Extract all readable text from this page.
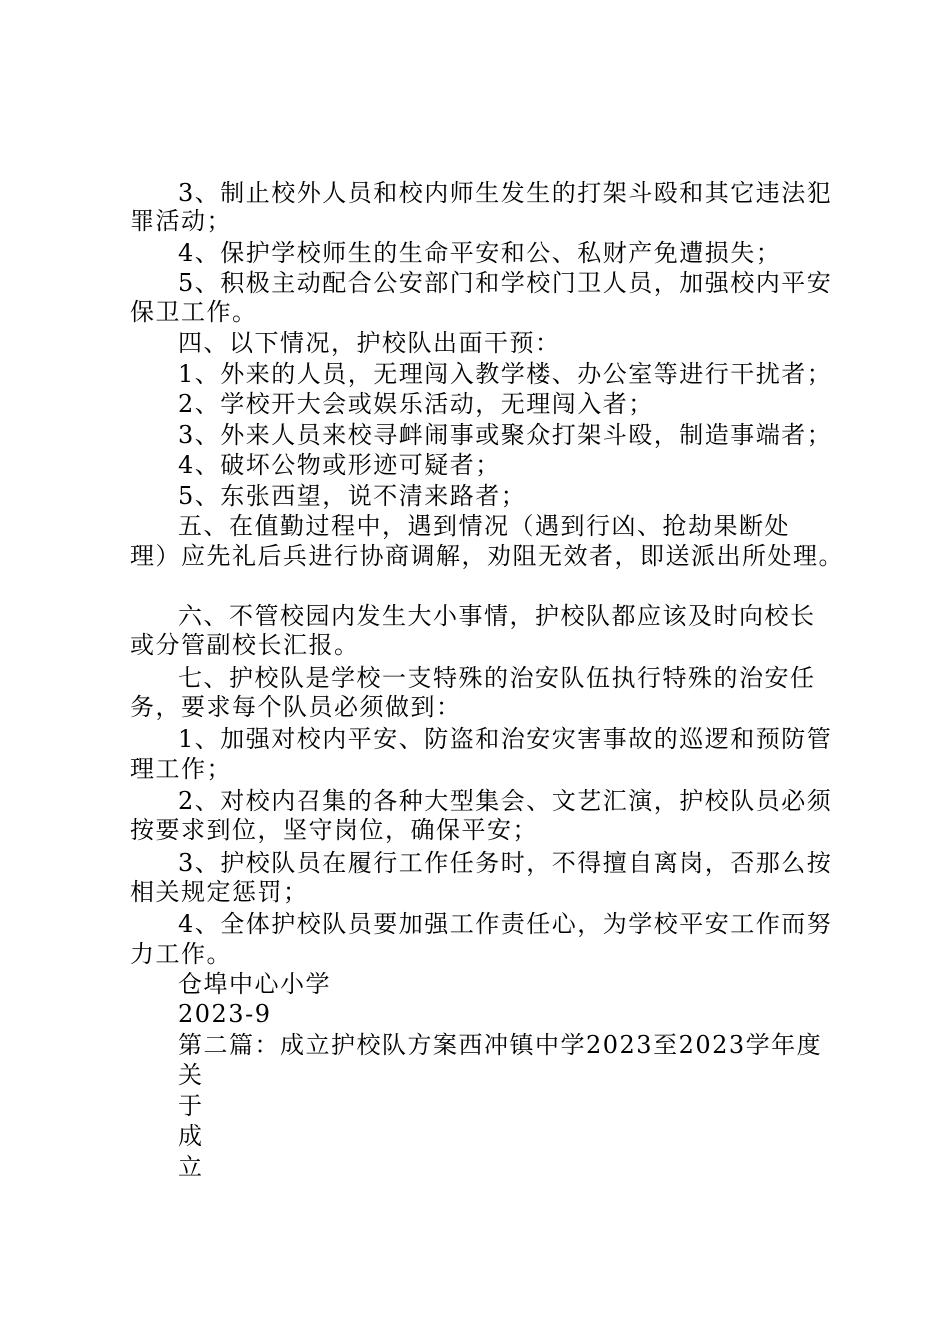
3、制止校外人员和校内师生发生的打架斗殴和其它违法犯
罪活动；
4、保护学校师生的生命平安和公、私财产免遭损失；
5、积极主动配合公安部门和学校门卫人员，加强校内平安
保卫工作。
四、以下情况，护校队出面干预：
1、外来的人员，无理闯入教学楼、办公室等进行干扰者；
2、学校开大会或娱乐活动，无理闯入者；
3、外来人员来校寻衅闹事或聚众打架斗殴，制造事端者；
4、破坏公物或形迹可疑者；
5、东张西望，说不清来路者；
五、在值勤过程中，遇到情况（遇到行凶、抢劫果断处
理）应先礼后兵进行协商调解，劝阻无效者，即送派出所处理。
六、不管校园内发生大小事情，护校队都应该及时向校长
或分管副校长汇报。
七、护校队是学校一支特殊的治安队伍执行特殊的治安任
务，要求每个队员必须做到：
1、加强对校内平安、防盗和治安灾害事故的巡逻和预防管
理工作；
2、对校内召集的各种大型集会、文艺汇演，护校队员必须
按要求到位，坚守岗位，确保平安；
3、护校队员在履行工作任务时，不得擅自离岗，否那么按
相关规定惩罚；
4、全体护校队员要加强工作责任心，为学校平安工作而努
力工作。
仓埠中心小学
2023-9
第二篇：成立护校队方案西冲镇中学2023至2023学年度
关
于
成
立
